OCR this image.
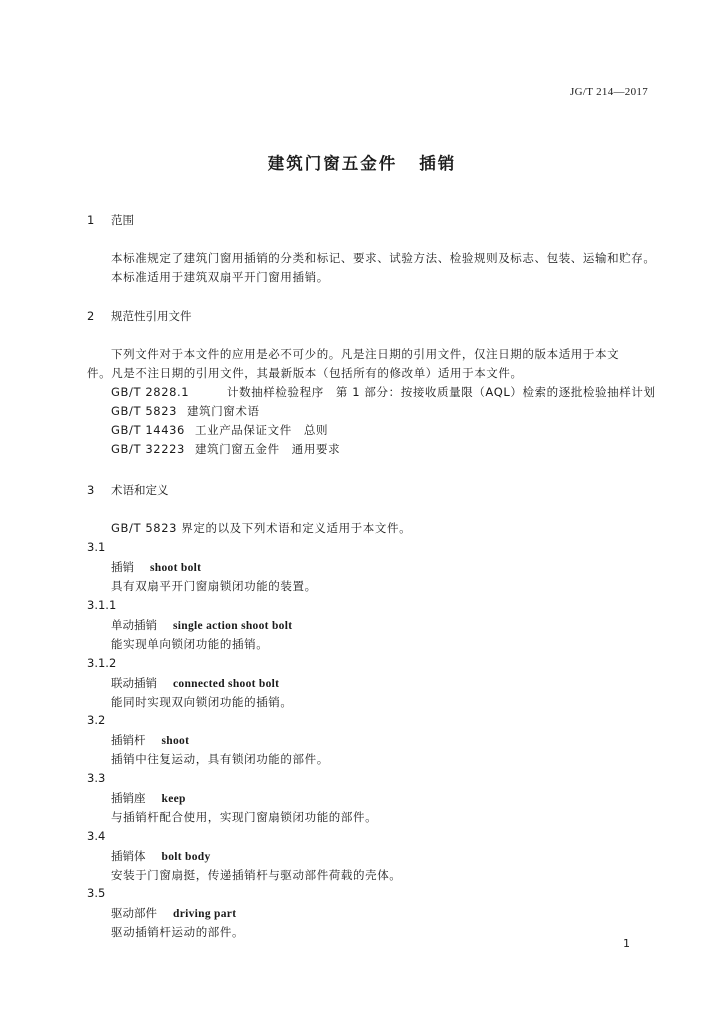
JG/T 214—2017
建筑门窗五金件 插销
1 范围
本标准规定了建筑门窗用插销的分类和标记、要求、试验方法、检验规则及标志、包装、运输和贮存。
本标准适用于建筑双扇平开门窗用插销。
2 规范性引用文件
下列文件对于本文件的应用是必不可少的。凡是注日期的引用文件，仅注日期的版本适用于本文
件。凡是不注日期的引用文件，其最新版本（包括所有的修改单）适用于本文件。
GB/T 2828.1	计数抽样检验程序　第 1 部分：按接收质量限（AQL）检索的逐批检验抽样计划
GB/T 5823 建筑门窗术语
GB/T 14436 工业产品保证文件　总则
GB/T 32223 建筑门窗五金件　通用要求
3 术语和定义
GB/T 5823 界定的以及下列术语和定义适用于本文件。
3.1
插销 shoot bolt
具有双扇平开门窗扇锁闭功能的装置。
3.1.1
单动插销 single action shoot bolt
能实现单向锁闭功能的插销。
3.1.2
联动插销 connected shoot bolt
能同时实现双向锁闭功能的插销。
3.2
插销杆 shoot
插销中往复运动，具有锁闭功能的部件。
3.3
插销座 keep
与插销杆配合使用，实现门窗扇锁闭功能的部件。
3.4
插销体 bolt body
安装于门窗扇挺，传递插销杆与驱动部件荷载的壳体。
3.5
驱动部件 driving part
驱动插销杆运动的部件。
1
